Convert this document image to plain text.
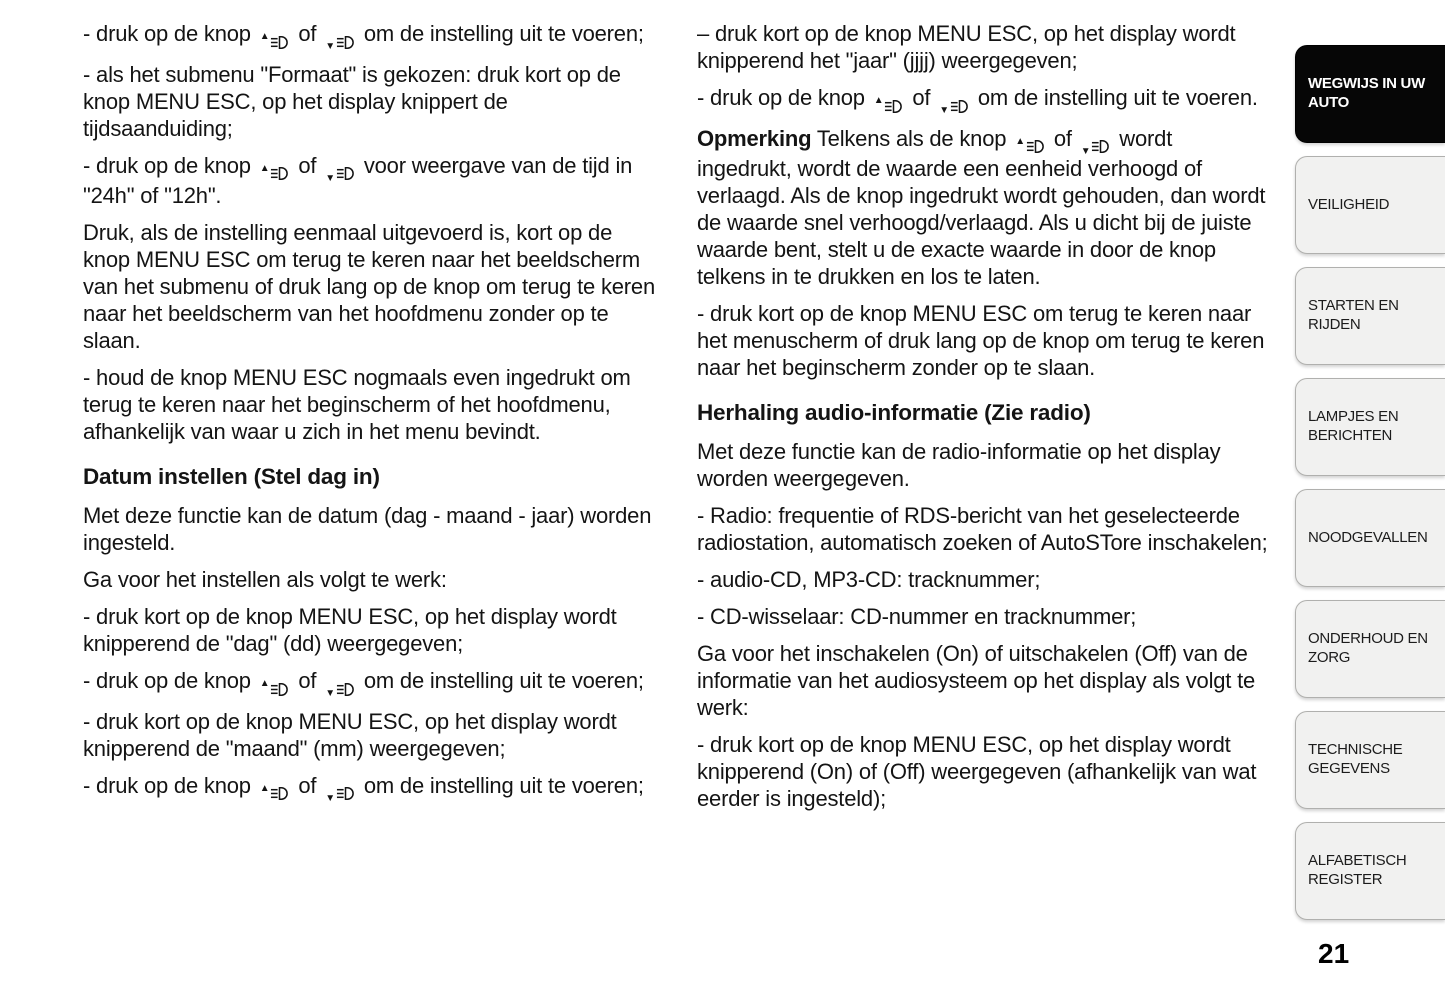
- druk op de knop ▲ of
▼
om de instelling uit te voeren;

- als het submenu "Formaat" is gekozen: druk kort op de knop MENU ESC, op het display knippert de tijdsaanduiding;

- druk op de knop ▲ of
▼
voor weergave van de tijd in "24h" of "12h".

Druk, als de instelling eenmaal uitgevoerd is, kort op de knop MENU ESC om terug te keren naar het beeldscherm van het submenu of druk lang op de knop om terug te keren naar het beeldscherm van het hoofdmenu zonder op te slaan.

- houd de knop MENU ESC nogmaals even ingedrukt om terug te keren naar het beginscherm of het hoofdmenu, afhankelijk van waar u zich in het menu bevindt.

Datum instellen (Stel dag in)

Met deze functie kan de datum (dag - maand - jaar) worden ingesteld.

Ga voor het instellen als volgt te werk:

- druk kort op de knop MENU ESC, op het display wordt knipperend de "dag" (dd) weergegeven;

- druk op de knop ▲ of
▼
om de instelling uit te voeren;

- druk kort op de knop MENU ESC, op het display wordt knipperend de "maand" (mm) weergegeven;

- druk op de knop ▲ of
▼
om de instelling uit te voeren;

– druk kort op de knop MENU ESC, op het display wordt knipperend het "jaar" (jjjj) weergegeven;

- druk op de knop ▲ of
▼
om de instelling uit te voeren.

Opmerking Telkens als de knop ▲ of
▼
wordt ingedrukt, wordt de waarde een eenheid verhoogd of verlaagd. Als de knop ingedrukt wordt gehouden, dan wordt de waarde snel verhoogd/verlaagd. Als u dicht bij de juiste waarde bent, stelt u de exacte waarde in door de knop telkens in te drukken en los te laten.

- druk kort op de knop MENU ESC om terug te keren naar het menuscherm of druk lang op de knop om terug te keren naar het beginscherm zonder op te slaan.

Herhaling audio-informatie (Zie radio)

Met deze functie kan de radio-informatie op het display worden weergegeven.

- Radio: frequentie of RDS-bericht van het geselecteerde radiostation, automatisch zoeken of AutoSTore inschakelen;

- audio-CD, MP3-CD: tracknummer;

- CD-wisselaar: CD-nummer en tracknummer;

Ga voor het inschakelen (On) of uitschakelen (Off) van de informatie van het audiosysteem op het display als volgt te werk:

- druk kort op de knop MENU ESC, op het display wordt knipperend (On) of (Off) weergegeven (afhankelijk van wat eerder is ingesteld);

WEGWIJS IN UW AUTO
VEILIGHEID
STARTEN EN RIJDEN
LAMPJES EN BERICHTEN
NOODGEVALLEN
ONDERHOUD EN ZORG
TECHNISCHE GEGEVENS
ALFABETISCH REGISTER
21
